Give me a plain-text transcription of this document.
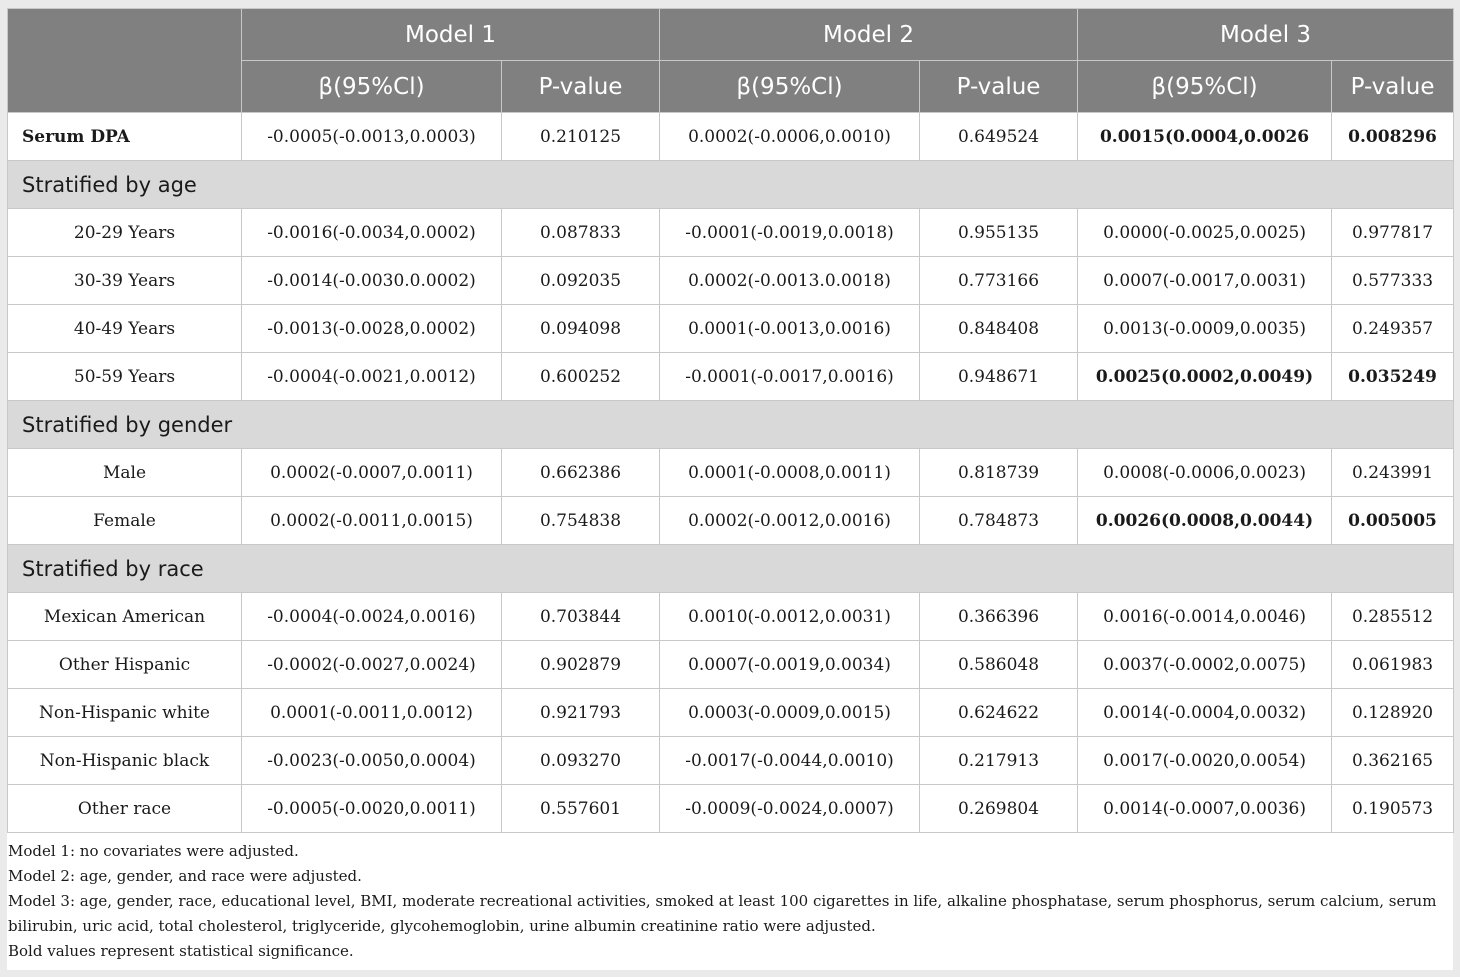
	Model 1		Model 2		Model 3	
	β(95%Cl)	P-value	β(95%Cl)	P-value	β(95%Cl)	P-value
Serum DPA	-0.0005(-0.0013,0.0003)	0.210125	0.0002(-0.0006,0.0010)	0.649524	0.0015(0.0004,0.0026	0.008296
Stratified by age						
20-29 Years	-0.0016(-0.0034,0.0002)	0.087833	-0.0001(-0.0019,0.0018)	0.955135	0.0000(-0.0025,0.0025)	0.977817
30-39 Years	-0.0014(-0.0030.0.0002)	0.092035	0.0002(-0.0013.0.0018)	0.773166	0.0007(-0.0017,0.0031)	0.577333
40-49 Years	-0.0013(-0.0028,0.0002)	0.094098	0.0001(-0.0013,0.0016)	0.848408	0.0013(-0.0009,0.0035)	0.249357
50-59 Years	-0.0004(-0.0021,0.0012)	0.600252	-0.0001(-0.0017,0.0016)	0.948671	0.0025(0.0002,0.0049)	0.035249
Stratified by gender						
Male	0.0002(-0.0007,0.0011)	0.662386	0.0001(-0.0008,0.0011)	0.818739	0.0008(-0.0006,0.0023)	0.243991
Female	0.0002(-0.0011,0.0015)	0.754838	0.0002(-0.0012,0.0016)	0.784873	0.0026(0.0008,0.0044)	0.005005
Stratified by race						
Mexican American	-0.0004(-0.0024,0.0016)	0.703844	0.0010(-0.0012,0.0031)	0.366396	0.0016(-0.0014,0.0046)	0.285512
Other Hispanic	-0.0002(-0.0027,0.0024)	0.902879	0.0007(-0.0019,0.0034)	0.586048	0.0037(-0.0002,0.0075)	0.061983
Non-Hispanic white	0.0001(-0.0011,0.0012)	0.921793	0.0003(-0.0009,0.0015)	0.624622	0.0014(-0.0004,0.0032)	0.128920
Non-Hispanic black	-0.0023(-0.0050,0.0004)	0.093270	-0.0017(-0.0044,0.0010)	0.217913	0.0017(-0.0020,0.0054)	0.362165
Other race	-0.0005(-0.0020,0.0011)	0.557601	-0.0009(-0.0024,0.0007)	0.269804	0.0014(-0.0007,0.0036)	0.190573
Model 1: no covariates were adjusted.
Model 2: age, gender, and race were adjusted.
Model 3: age, gender, race, educational level, BMI, moderate recreational activities, smoked at least 100 cigarettes in life, alkaline phosphatase, serum phosphorus, serum calcium, serum bilirubin, uric acid, total cholesterol, triglyceride, glycohemoglobin, urine albumin creatinine ratio were adjusted.
Bold values represent statistical significance.
